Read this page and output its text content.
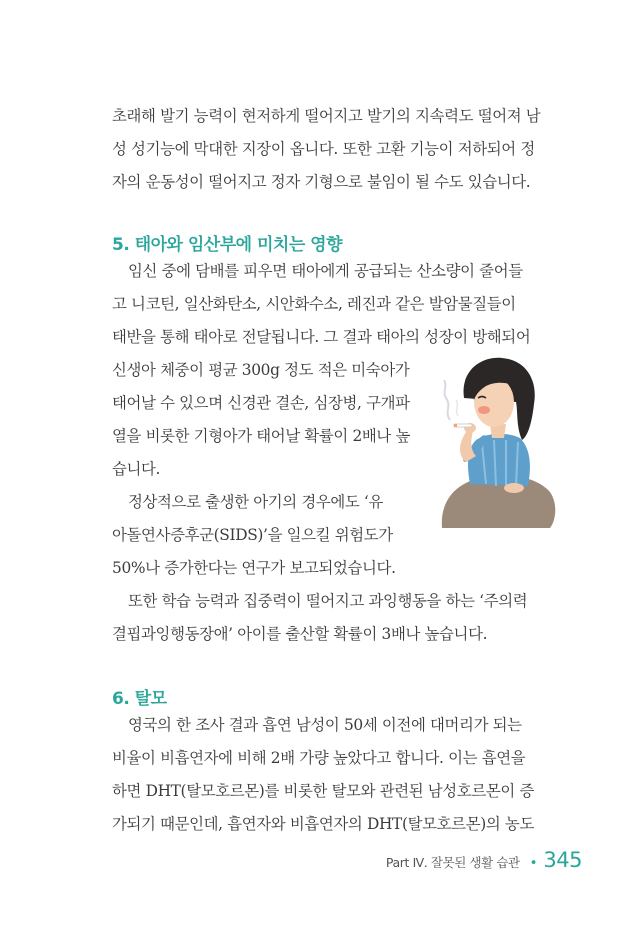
초래해 발기 능력이 현저하게 떨어지고 발기의 지속력도 떨어져 남
성 성기능에 막대한 지장이 옵니다. 또한 고환 기능이 저하되어 정
자의 운동성이 떨어지고 정자 기형으로 불임이 될 수도 있습니다.
5. 태아와 임산부에 미치는 영향
임신 중에 담배를 피우면 태아에게 공급되는 산소량이 줄어들
고 니코틴, 일산화탄소, 시안화수소, 레진과 같은 발암물질들이
태반을 통해 태아로 전달됩니다. 그 결과 태아의 성장이 방해되어
신생아 체중이 평균 300g 정도 적은 미숙아가
태어날 수 있으며 신경관 결손, 심장병, 구개파
열을 비롯한 기형아가 태어날 확률이 2배나 높
습니다.
정상적으로 출생한 아기의 경우에도 ‘유
아돌연사증후군(SIDS)’을 일으킬 위험도가
50%나 증가한다는 연구가 보고되었습니다.
또한 학습 능력과 집중력이 떨어지고 과잉행동을 하는 ‘주의력
결핍과잉행동장애’ 아이를 출산할 확률이 3배나 높습니다.
6. 탈모
영국의 한 조사 결과 흡연 남성이 50세 이전에 대머리가 되는
비율이 비흡연자에 비해 2배 가량 높았다고 합니다. 이는 흡연을
하면 DHT(탈모호르몬)를 비롯한 탈모와 관련된 남성호르몬이 증
가되기 때문인데, 흡연자와 비흡연자의 DHT(탈모호르몬)의 농도
Part Ⅳ. 잘못된 생활 습관 • 345
